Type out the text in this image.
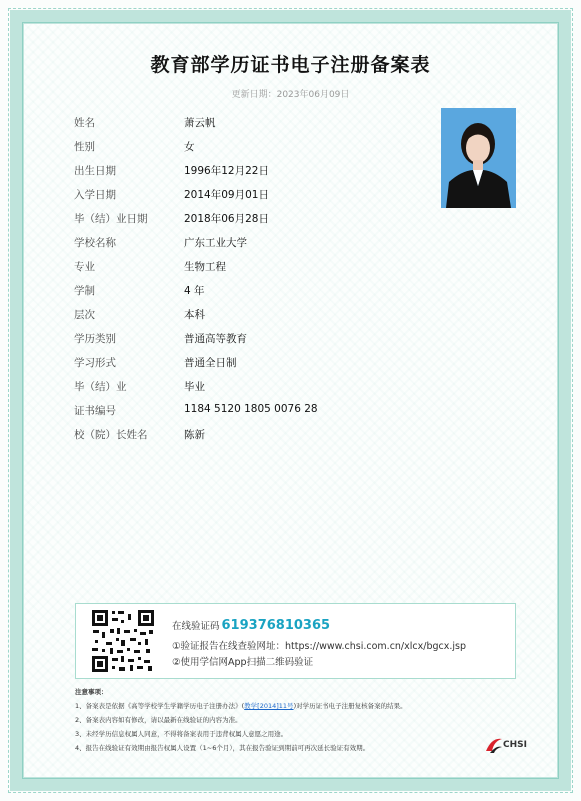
教育部学历证书电子注册备案表
更新日期：2023年06月09日
姓名	萧云帆
性别	女
出生日期	1996年12月22日
入学日期	2014年09月01日
毕（结）业日期	2018年06月28日
学校名称	广东工业大学
专业	生物工程
学制	4 年
层次	本科
学历类别	普通高等教育
学习形式	普通全日制
毕（结）业	毕业
证书编号	1184 5120 1805 0076 28
校（院）长姓名	陈新
在线验证码 619376810365
①验证报告在线查验网址：https://www.chsi.com.cn/xlcx/bgcx.jsp
②使用学信网App扫描二维码验证
注意事项：
1、备案表是依据《高等学校学生学籍学历电子注册办法》(教学[2014]11号)对学历证书电子注册复核备案的结果。
2、备案表内容如有修改，请以最新在线验证的内容为准。
3、未经学历信息权属人同意，不得将备案表用于违背权属人意愿之用途。
4、报告在线验证有效期由报告权属人设置（1~6个月），其在报告验证到期前可再次延长验证有效期。	CHSI
